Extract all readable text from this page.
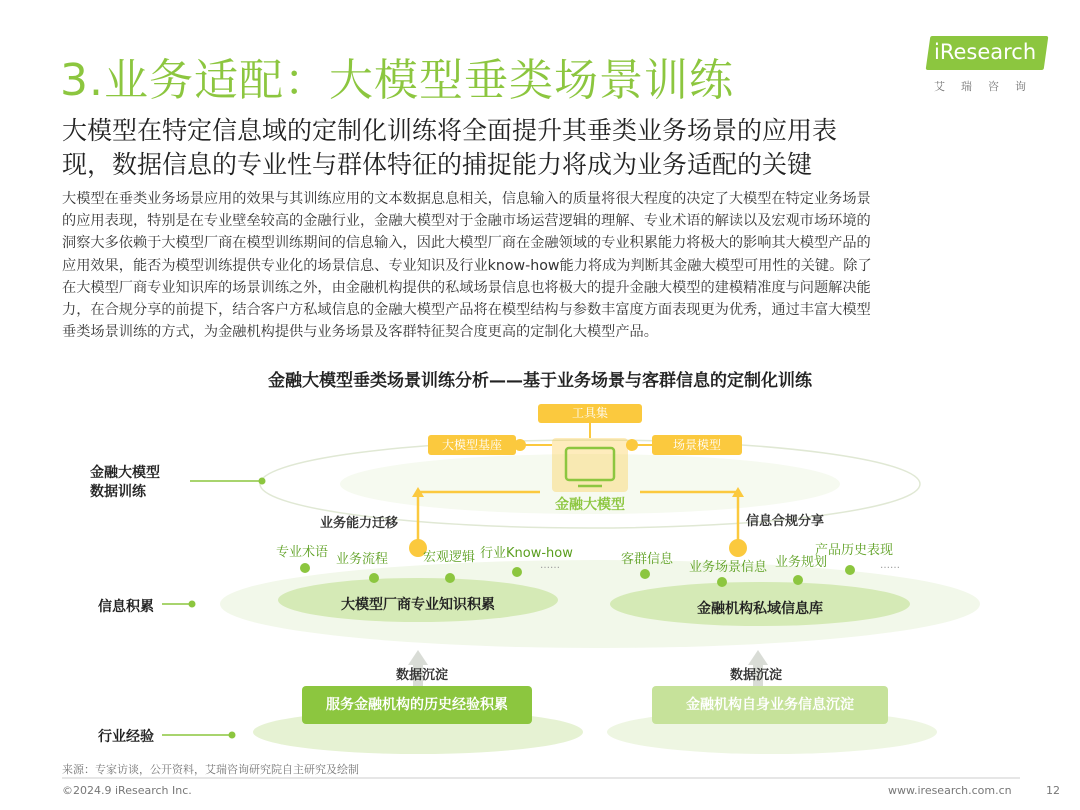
3.业务适配：大模型垂类场景训练
iResearch
艾瑞咨询
大模型在特定信息域的定制化训练将全面提升其垂类业务场景的应用表
现，数据信息的专业性与群体特征的捕捉能力将成为业务适配的关键
大模型在垂类业务场景应用的效果与其训练应用的文本数据息息相关，信息输入的质量将很大程度的决定了大模型在特定业务场景
的应用表现，特别是在专业壁垒较高的金融行业，金融大模型对于金融市场运营逻辑的理解、专业术语的解读以及宏观市场环境的
洞察大多依赖于大模型厂商在模型训练期间的信息输入，因此大模型厂商在金融领域的专业积累能力将极大的影响其大模型产品的
应用效果，能否为模型训练提供专业化的场景信息、专业知识及行业know-how能力将成为判断其金融大模型可用性的关键。除了
在大模型厂商专业知识库的场景训练之外，由金融机构提供的私域场景信息也将极大的提升金融大模型的建模精准度与问题解决能
力，在合规分享的前提下，结合客户方私域信息的金融大模型产品将在模型结构与参数丰富度方面表现更为优秀，通过丰富大模型
垂类场景训练的方式，为金融机构提供与业务场景及客群特征契合度更高的定制化大模型产品。
金融大模型垂类场景训练分析——基于业务场景与客群信息的定制化训练
大模型基座
工具集
场景模型
金融大模型
金融大模型
数据训练
信息积累
行业经验
业务能力迁移	信息合规分享
专业术语 业务流程	宏观逻辑 行业Know-how
……	客群信息
业务场景信息 业务规划
产品历史表现
……
大模型厂商专业知识积累	金融机构私域信息库
数据沉淀	数据沉淀
服务金融机构的历史经验积累	金融机构自身业务信息沉淀
来源：专家访谈，公开资料，艾瑞咨询研究院自主研究及绘制
©2024.9 iResearch Inc.	www.iresearch.com.cn	12
